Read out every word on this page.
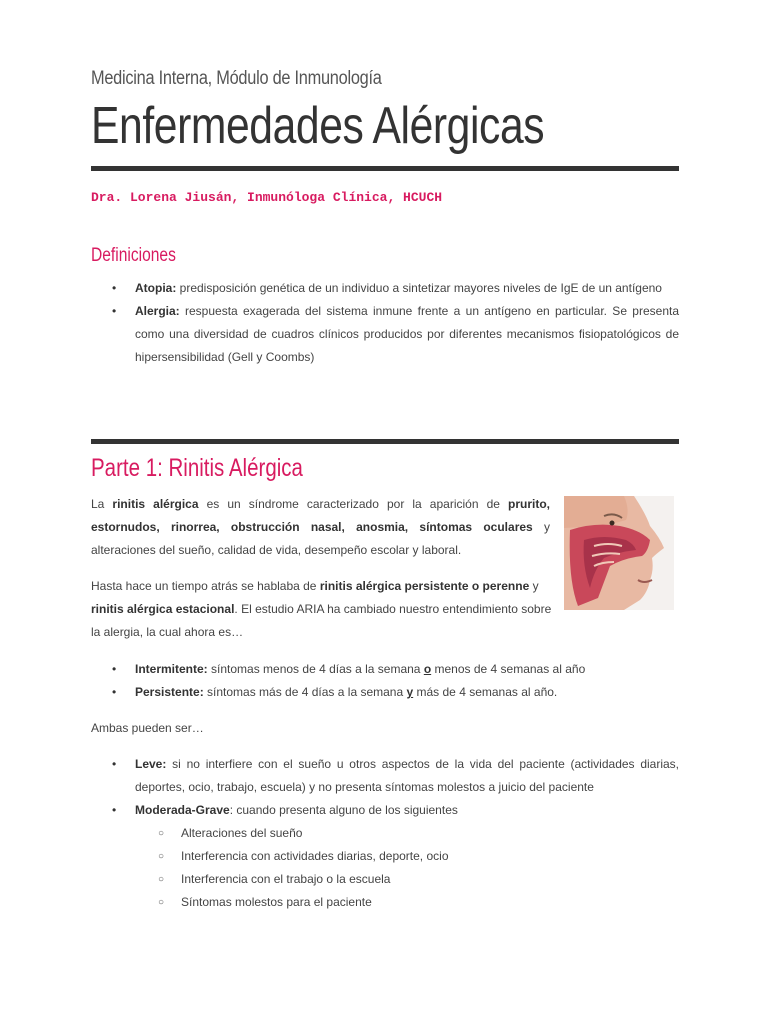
Medicina Interna, Módulo de Inmunología
Enfermedades Alérgicas
Dra. Lorena Jiusán, Inmunóloga Clínica, HCUCH
Definiciones
• Atopia: predisposición genética de un individuo a sintetizar mayores niveles de IgE de un antígeno
• Alergia: respuesta exagerada del sistema inmune frente a un antígeno en particular. Se presenta como una diversidad de cuadros clínicos producidos por diferentes mecanismos fisiopatológicos de hipersensibilidad (Gell y Coombs)
Parte 1: Rinitis Alérgica
La rinitis alérgica es un síndrome caracterizado por la aparición de prurito, estornudos, rinorrea, obstrucción nasal, anosmia, síntomas oculares y alteraciones del sueño, calidad de vida, desempeño escolar y laboral.
Hasta hace un tiempo atrás se hablaba de rinitis alérgica persistente o perenne y rinitis alérgica estacional. El estudio ARIA ha cambiado nuestro entendimiento sobre la alergia, la cual ahora es…
• Intermitente: síntomas menos de 4 días a la semana o menos de 4 semanas al año
• Persistente: síntomas más de 4 días a la semana y más de 4 semanas al año.
Ambas pueden ser…
• Leve: si no interfiere con el sueño u otros aspectos de la vida del paciente (actividades diarias, deportes, ocio, trabajo, escuela) y no presenta síntomas molestos a juicio del paciente
• Moderada-Grave: cuando presenta alguno de los siguientes
○ Alteraciones del sueño
○ Interferencia con actividades diarias, deporte, ocio
○ Interferencia con el trabajo o la escuela
○ Síntomas molestos para el paciente
